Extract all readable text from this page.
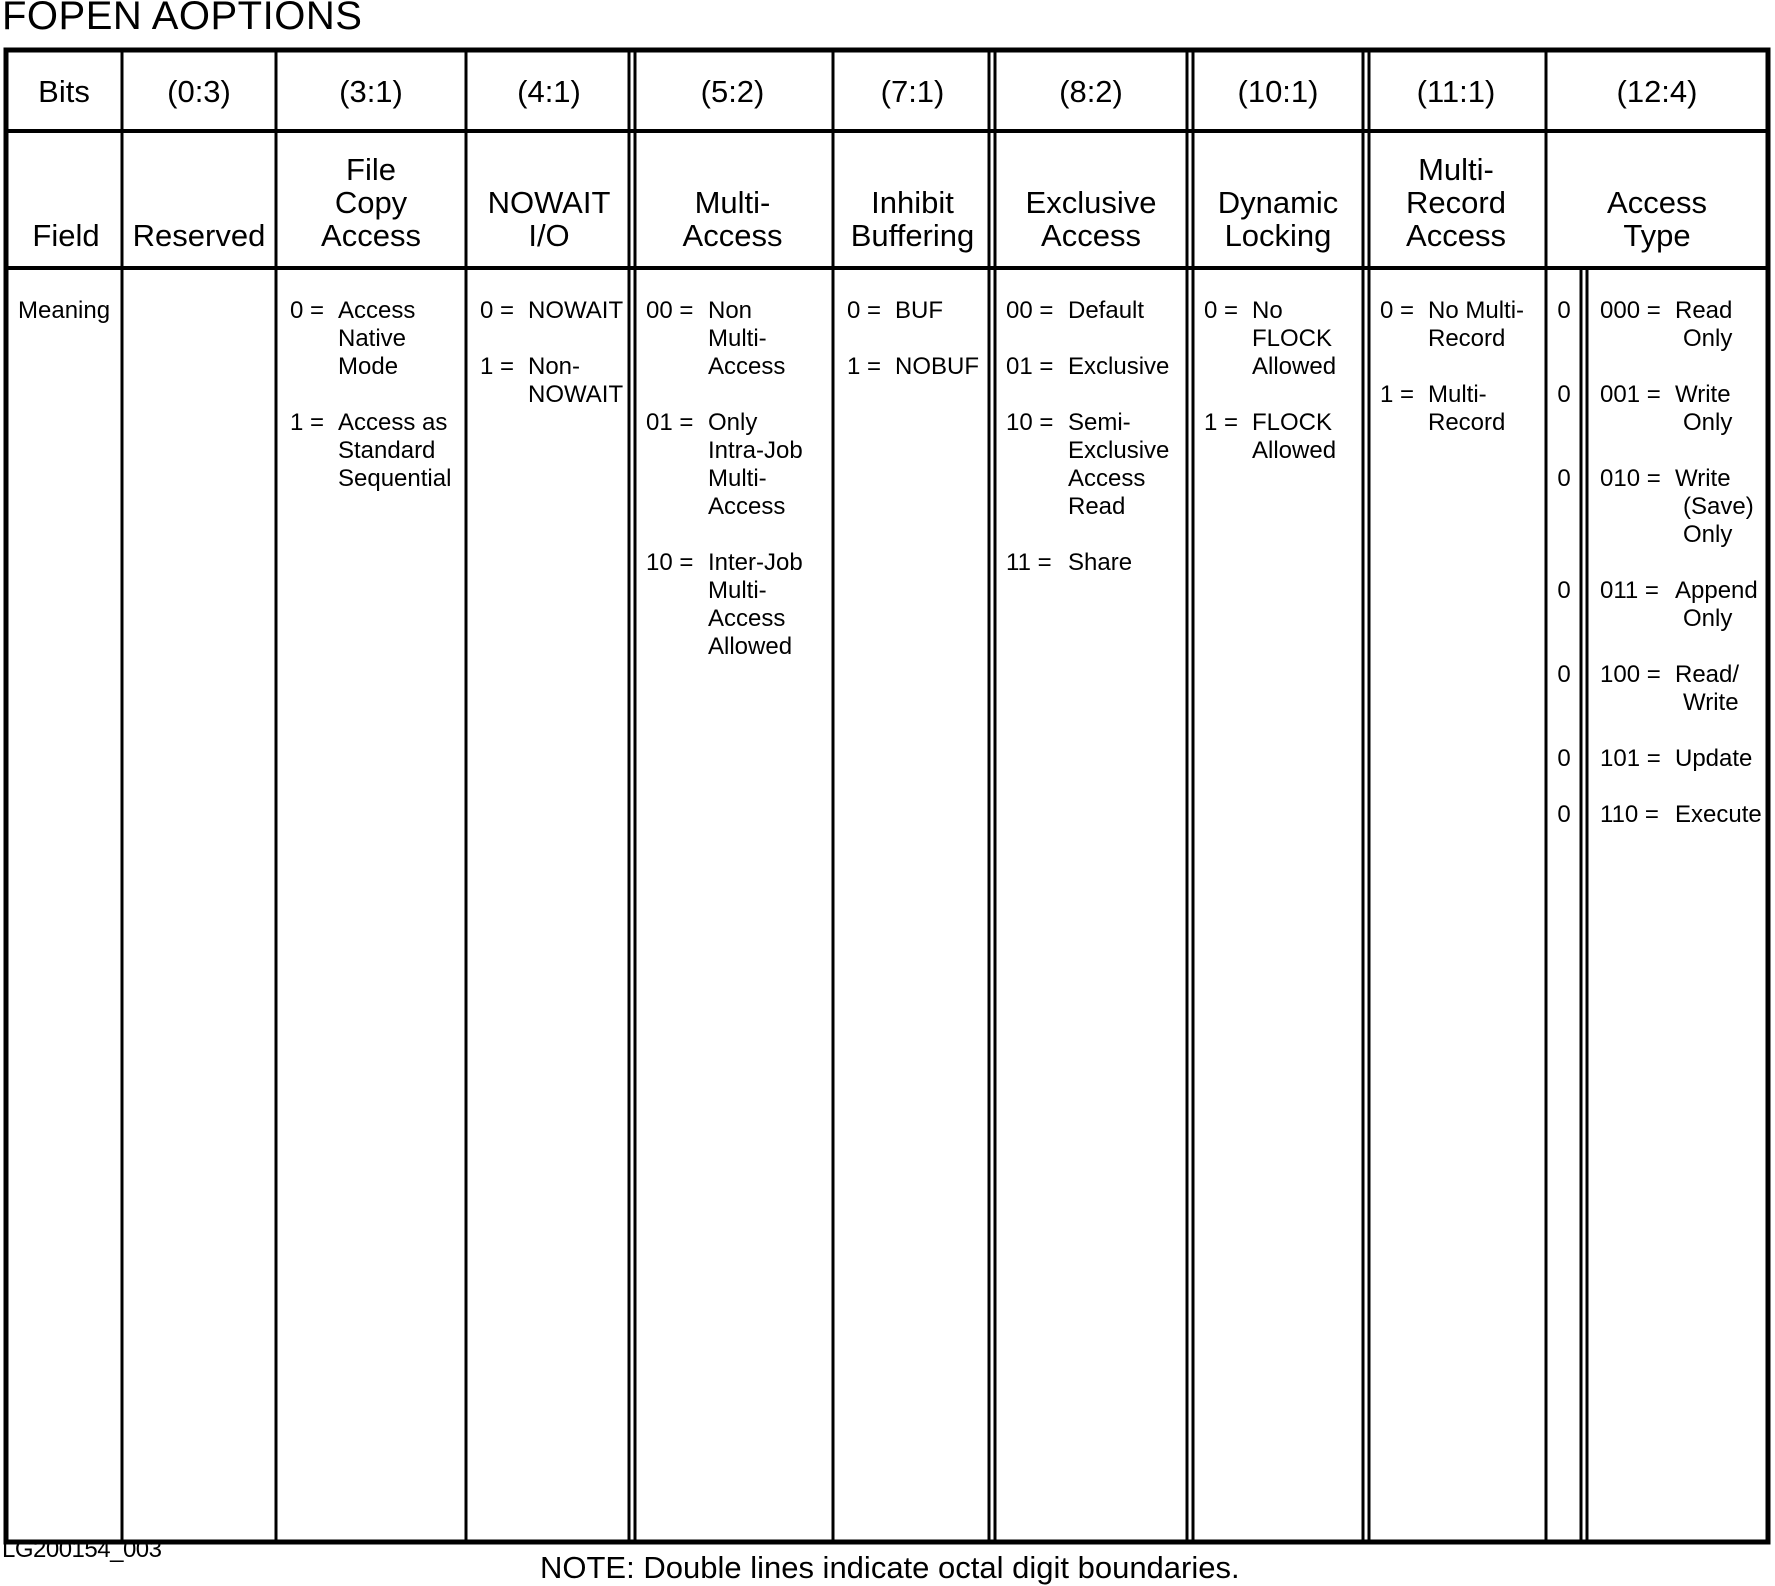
FOPEN AOPTIONS
Bits
Field
Meaning
(0:3)
Reserved
(3:1)
File
Copy
Access
0 = Access
Native
Mode
1 = Access as
Standard
Sequential
(4:1)
NOWAIT
I/O
0 = NOWAIT
1 = Non-
NOWAIT
(5:2)
Multi-
Access
00 = Non
Multi-
Access
01 = Only
Intra-Job
Multi-
Access
10 = Inter-Job
Multi-
Access
Allowed
(7:1)
Inhibit
Buffering
0 = BUF
1 = NOBUF
(8:2)
Exclusive
Access
00 = Default
01 = Exclusive
10 = Semi-
Exclusive
Access
Read
11 = Share
(10:1)
Dynamic
Locking
0 = No
FLOCK
Allowed
1 = FLOCK
Allowed
(11:1)
Multi-
Record
Access
0 = No Multi-
Record
1 = Multi-
Record
(12:4)
Access
Type
0 000 = Read
Only
0 001 = Write
Only
0 010 = Write
(Save)
Only
0 011 = Append
Only
0 100 = Read/
Write
0 101 = Update
0 110 = Execute
LG200154_003
NOTE: Double lines indicate octal digit boundaries.
